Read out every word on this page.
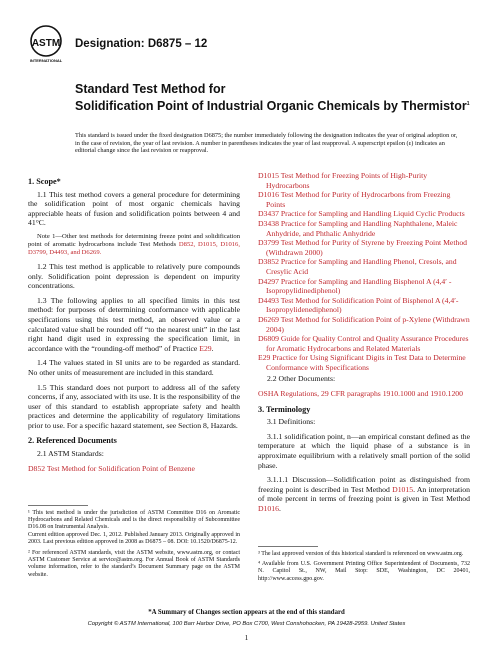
ASTM
INTERNATIONAL
Designation: D6875 – 12
Standard Test Method for
Solidification Point of Industrial Organic Chemicals by Thermistor$^1$
This standard is issued under the fixed designation D6875; the number immediately following the designation indicates the year of original adoption or, in the case of revision, the year of last revision. A number in parentheses indicates the year of last reapproval. A superscript epsilon (ε) indicates an editorial change since the last revision or reapproval.
1. Scope*

1.1 This test method covers a general procedure for determining the solidification point of most organic chemicals having appreciable heats of fusion and solidification points between 4 and 41°C.

Note 1—Other test methods for determining freeze point and solidification point of aromatic hydrocarbons include Test Methods D852, D1015, D1016, D3799, D4493, and D6269.

1.2 This test method is applicable to relatively pure compounds only. Solidification point depression is dependent on impurity concentrations.

1.3 The following applies to all specified limits in this test method: for purposes of determining conformance with applicable specifications using this test method, an observed value or a calculated value shall be rounded off “to the nearest unit” in the last right hand digit used in expressing the specification limit, in accordance with the “rounding-off method” of Practice E29.

1.4 The values stated in SI units are to be regarded as standard. No other units of measurement are included in this standard.

1.5 This standard does not purport to address all of the safety concerns, if any, associated with its use. It is the responsibility of the user of this standard to establish appropriate safety and health practices and determine the applicability of regulatory limitations prior to use. For a specific hazard statement, see Section 8, Hazards.

2. Referenced Documents

2.1 ASTM Standards:

D852 Test Method for Solidification Point of Benzene

D1015 Test Method for Freezing Points of High-Purity Hydrocarbons
D1016 Test Method for Purity of Hydrocarbons from Freezing Points
D3437 Practice for Sampling and Handling Liquid Cyclic Products
D3438 Practice for Sampling and Handling Naphthalene, Maleic Anhydride, and Phthalic Anhydride
D3799 Test Method for Purity of Styrene by Freezing Point Method (Withdrawn 2000)
D3852 Practice for Sampling and Handling Phenol, Cresols, and Cresylic Acid
D4297 Practice for Sampling and Handling Bisphenol A (4,4′ -Isopropylidinediphenol)
D4493 Test Method for Solidification Point of Bisphenol A (4,4′-Isopropylidenediphenol)
D6269 Test Method for Solidification Point of p-Xylene (Withdrawn 2004)
D6809 Guide for Quality Control and Quality Assurance Procedures for Aromatic Hydrocarbons and Related Materials
E29 Practice for Using Significant Digits in Test Data to Determine Conformance with Specifications

2.2 Other Documents:

OSHA Regulations, 29 CFR paragraphs 1910.1000 and 1910.1200

3. Terminology

3.1 Definitions:

3.1.1 solidification point, n—an empirical constant defined as the temperature at which the liquid phase of a substance is in approximate equilibrium with a relatively small portion of the solid phase.

3.1.1.1 Discussion—Solidification point as distinguished from freezing point is described in Test Method D1015. An interpretation of mole percent in terms of freezing point is given in Test Method D1016.

¹ This test method is under the jurisdiction of ASTM Committee D16 on Aromatic Hydrocarbons and Related Chemicals and is the direct responsibility of Subcommittee D16.08 on Instrumental Analysis.
Current edition approved Dec. 1, 2012. Published January 2013. Originally approved in 2003. Last previous edition approved in 2008 as D6875 – 08. DOI: 10.1520/D6875-12.
² For referenced ASTM standards, visit the ASTM website, www.astm.org, or contact ASTM Customer Service at service@astm.org. For Annual Book of ASTM Standards volume information, refer to the standard’s Document Summary page on the ASTM website.
³ The last approved version of this historical standard is referenced on www.astm.org.
⁴ Available from U.S. Government Printing Office Superintendent of Documents, 732 N. Capitol St., NW, Mail Stop: SDE, Washington, DC 20401, http://www.access.gpo.gov.
*A Summary of Changes section appears at the end of this standard
Copyright © ASTM International, 100 Barr Harbor Drive, PO Box C700, West Conshohocken, PA 19428-2959. United States
1
